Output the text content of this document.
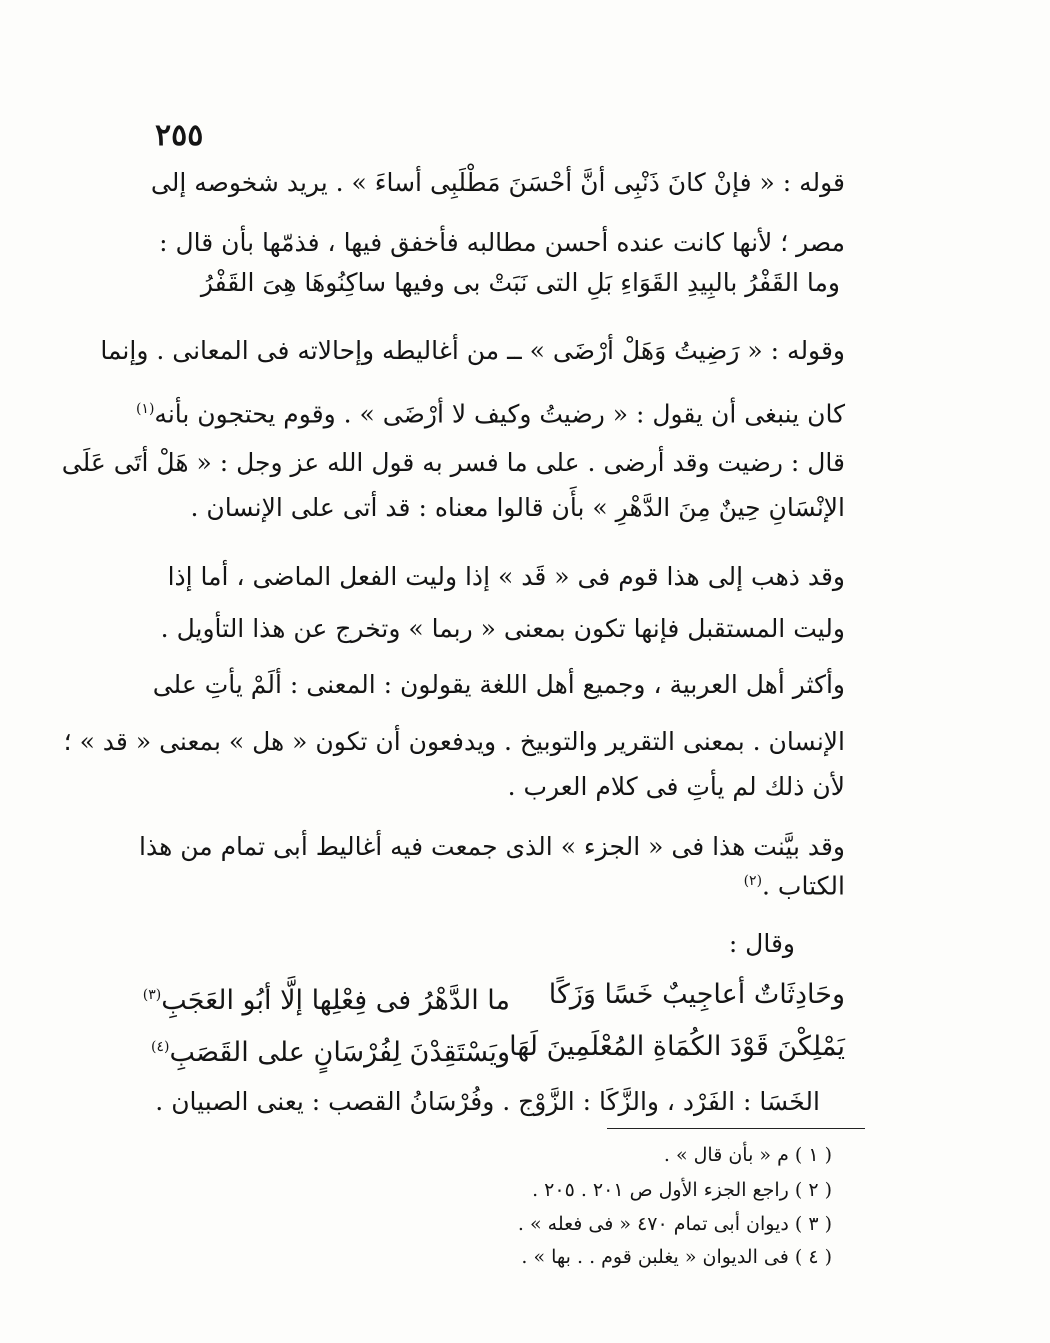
٢٥٥
قوله : « فإنْ كانَ ذَنْبِى أنَّ أحْسَنَ مَطْلَبِى أساءَ » . يريد شخوصه إلى
مصر ؛ لأنها كانت عنده أحسن مطالبه فأخفق فيها ، فذمّها بأن قال :
وما القَفْرُ بالبِيدِ القَوَاءِ بَلِ التى نَبَتْ بى وفيها ساكِنُوهَا هِىَ القَفْرُ
وقوله : « رَضِيتُ وَهَلْ أرْضَى » ــ من أغاليطه وإحالاته فى المعانى . وإنما
كان ينبغى أن يقول : « رضيتُ وكيف لا أرْضَى » . وقوم يحتجون بأنه$^{(١)}$
قال : رضيت وقد أرضى . على ما فسر به قول الله عز وجل : « هَلْ أتَى عَلَى
الإنْسَانِ حِينٌ مِنَ الدَّهْرِ » بأَن قالوا معناه : قد أتى على الإنسان .
وقد ذهب إلى هذا قوم فى « قَد » إذا وليت الفعل الماضى ، أما إذا
وليت المستقبل فإنها تكون بمعنى « ربما » وتخرج عن هذا التأويل .
وأكثر أهل العربية ، وجميع أهل اللغة يقولون : المعنى : ألَمْ يأتِ على
الإنسان . بمعنى التقرير والتوبيخ . ويدفعون أن تكون « هل » بمعنى « قد » ؛
لأن ذلك لم يأتِ فى كلام العرب .
وقد بيَّنت هذا فى « الجزء » الذى جمعت فيه أغاليط أبى تمام من هذا
الكتاب .$^{(٢)}$
وقال :
وحَادِثَاتٌ أعاجِيبٌ خَسًا وَزَكًا
ما الدَّهْرُ فى فِعْلِها إلَّا أبُو العَجَبِ$^{(٣)}$
يَمْلِكْنَ قَوْدَ الكُمَاةِ المُعْلَمِينَ لَهَا
ويَسْتَقِدْنَ لِفُرْسَانٍ على القَصَبِ$^{(٤)}$
الخَسَا : الفَرْد ، والزَّكَا : الزَّوْج . وفُرْسَانُ القصب : يعنى الصبيان .
( ١ ) م « بأن قال » .
( ٢ ) راجع الجزء الأول ص ٢٠١ . ٢٠٥ .
( ٣ ) ديوان أبى تمام ٤٧٠ « فى فعله » .
( ٤ ) فى الديوان « يغلبن قوم . . بها » .
